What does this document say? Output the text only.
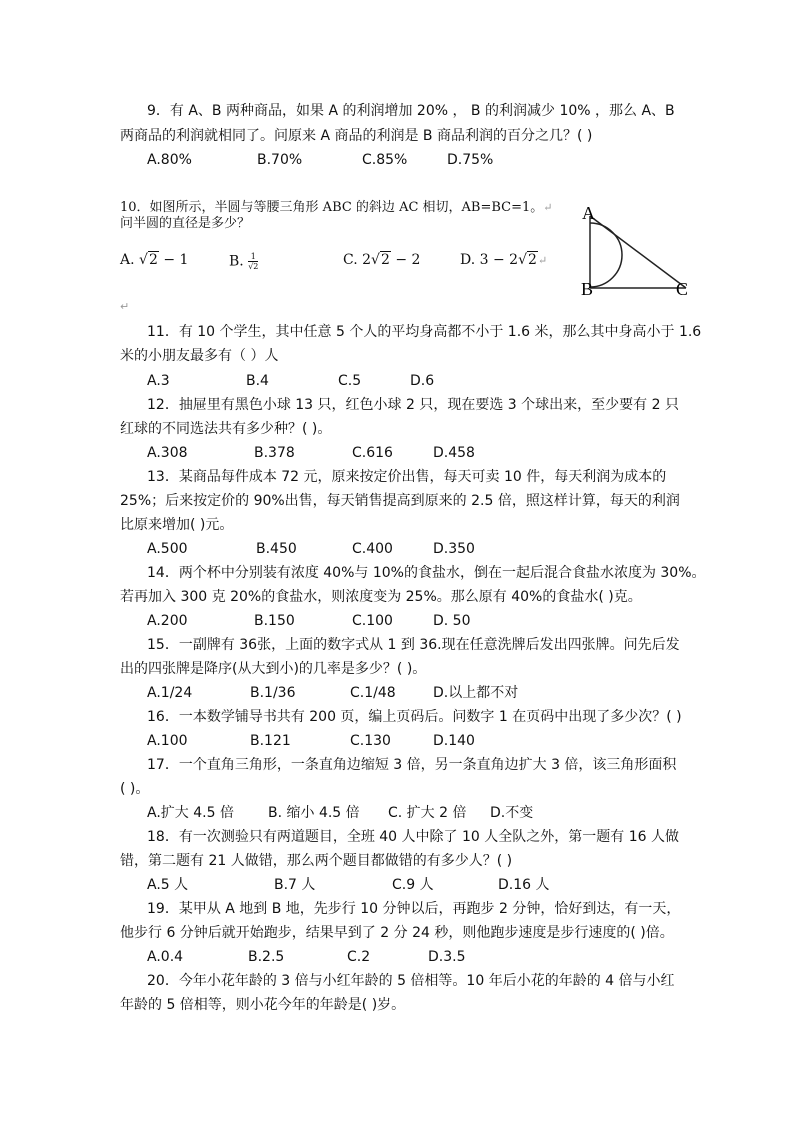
9．有 A、B 两种商品，如果 A 的利润增加 20% ， B 的利润减少 10% ，那么 A、B
两商品的利润就相同了。问原来 A 商品的利润是 B 商品利润的百分之几？( )
A.80%	B.70%	C.85%	D.75%
10．如图所示，半圆与等腰三角形 ABC 的斜边 AC 相切，AB=BC=1。↵
问半圆的直径是多少？
A. √2 − 1	B. $\frac{1}{√2}$	C. 2√2 − 2	D. 3 − 2√2↵
↵
A
B	C
11．有 10 个学生，其中任意 5 个人的平均身高都不小于 1.6 米，那么其中身高小于 1.6
米的小朋友最多有（ ）人
A.3	B.4	C.5	D.6
12．抽屉里有黑色小球 13 只，红色小球 2 只，现在要选 3 个球出来，至少要有 2 只
红球的不同选法共有多少种？( )。
A.308	B.378	C.616	D.458
13．某商品每件成本 72 元，原来按定价出售，每天可卖 10 件，每天利润为成本的
25%；后来按定价的 90%出售，每天销售提高到原来的 2.5 倍，照这样计算，每天的利润
比原来增加( )元。
A.500	B.450	C.400	D.350
14．两个杯中分别装有浓度 40%与 10%的食盐水，倒在一起后混合食盐水浓度为 30%。
若再加入 300 克 20%的食盐水，则浓度变为 25%。那么原有 40%的食盐水( )克。
A.200	B.150	C.100	D. 50
15．一副牌有 36张，上面的数字式从 1 到 36.现在任意洗牌后发出四张牌。问先后发
出的四张牌是降序(从大到小)的几率是多少？( )。
A.1/24	B.1/36	C.1/48	D.以上都不对
16．一本数学铺导书共有 200 页，编上页码后。问数字 1 在页码中出现了多少次？( )
A.100	B.121	C.130	D.140
17．一个直角三角形，一条直角边缩短 3 倍，另一条直角边扩大 3 倍，该三角形面积
( )。
A.扩大 4.5 倍 B. 缩小 4.5 倍 C. 扩大 2 倍 D.不变
18．有一次测验只有两道题目，全班 40 人中除了 10 人全队之外，第一题有 16 人做
错，第二题有 21 人做错，那么两个题目都做错的有多少人？( )
A.5 人	B.7 人	C.9 人	D.16 人
19．某甲从 A 地到 B 地，先步行 10 分钟以后，再跑步 2 分钟，恰好到达，有一天，
他步行 6 分钟后就开始跑步，结果早到了 2 分 24 秒，则他跑步速度是步行速度的( )倍。
A.0.4	B.2.5	C.2	D.3.5
20．今年小花年龄的 3 倍与小红年龄的 5 倍相等。10 年后小花的年龄的 4 倍与小红
年龄的 5 倍相等，则小花今年的年龄是( )岁。
